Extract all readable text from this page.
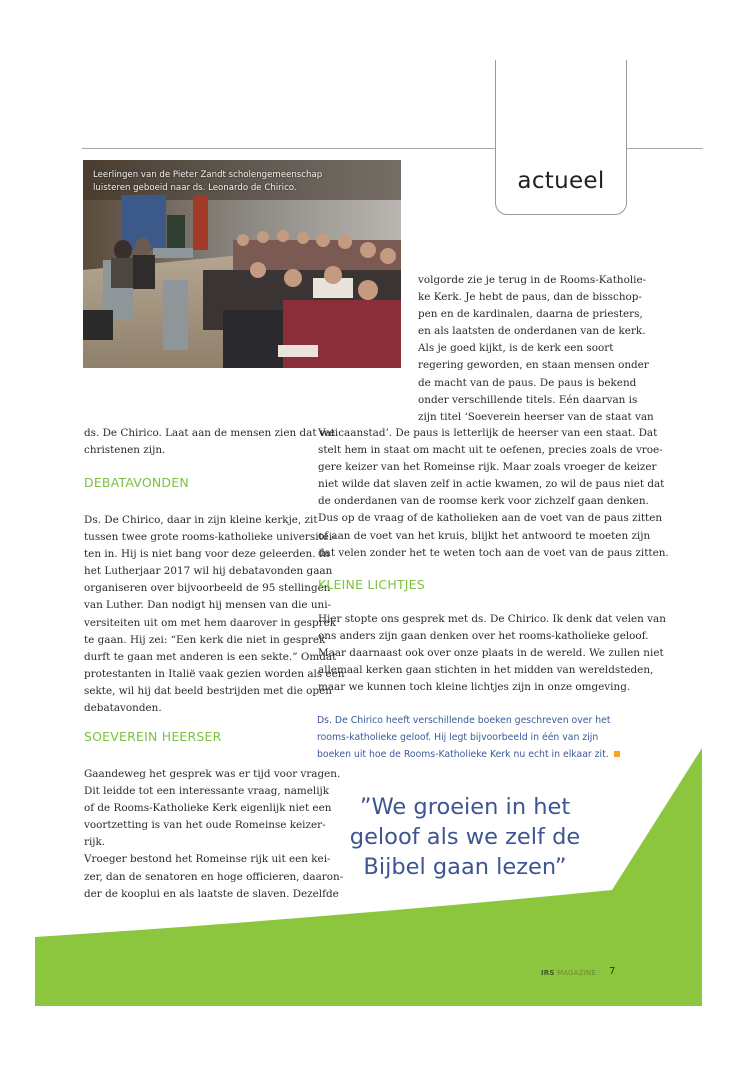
actueel
Leerlingen van de Pieter Zandt scholengemeenschap
luisteren geboeid naar ds. Leonardo de Chirico.
ds. De Chirico. Laat aan de mensen zien dat we
christenen zijn.
DEBATAVONDEN
Ds. De Chirico, daar in zijn kleine kerkje, zit
tussen twee grote rooms-katholieke universitei-
ten in. Hij is niet bang voor deze geleerden. In
het Lutherjaar 2017 wil hij debatavonden gaan
organiseren over bijvoorbeeld de 95 stellingen
van Luther. Dan nodigt hij mensen van die uni-
versiteiten uit om met hem daarover in gesprek
te gaan. Hij zei: “Een kerk die niet in gesprek
durft te gaan met anderen is een sekte.” Omdat
protestanten in Italië vaak gezien worden als een
sekte, wil hij dat beeld bestrijden met die open
debatavonden.
SOEVEREIN HEERSER
Gaandeweg het gesprek was er tijd voor vragen.
Dit leidde tot een interessante vraag, namelijk
of de Rooms-Katholieke Kerk eigenlijk niet een
voortzetting is van het oude Romeinse keizer-
rijk.
Vroeger bestond het Romeinse rijk uit een kei-
zer, dan de senatoren en hoge officieren, daaron-
der de kooplui en als laatste de slaven. Dezelfde
volgorde zie je terug in de Rooms-Katholie-
ke Kerk. Je hebt de paus, dan de bisschop-
pen en de kardinalen, daarna de priesters,
en als laatsten de onderdanen van de kerk.
Als je goed kijkt, is de kerk een soort
regering geworden, en staan mensen onder
de macht van de paus. De paus is bekend
onder verschillende titels. Eén daarvan is
zijn titel ‘Soeverein heerser van de staat van
Vaticaanstad’. De paus is letterlijk de heerser van een staat. Dat
stelt hem in staat om macht uit te oefenen, precies zoals de vroe-
gere keizer van het Romeinse rijk. Maar zoals vroeger de keizer
niet wilde dat slaven zelf in actie kwamen, zo wil de paus niet dat
de onderdanen van de roomse kerk voor zichzelf gaan denken.
Dus op de vraag of de katholieken aan de voet van de paus zitten
of aan de voet van het kruis, blijkt het antwoord te moeten zijn
dat velen zonder het te weten toch aan de voet van de paus zitten.
KLEINE LICHTJES
Hier stopte ons gesprek met ds. De Chirico. Ik denk dat velen van
ons anders zijn gaan denken over het rooms-katholieke geloof.
Maar daarnaast ook over onze plaats in de wereld. We zullen niet
allemaal kerken gaan stichten in het midden van wereldsteden,
maar we kunnen toch kleine lichtjes zijn in onze omgeving.
Ds. De Chirico heeft verschillende boeken geschreven over het
rooms-katholieke geloof. Hij legt bijvoorbeeld in één van zijn
boeken uit hoe de Rooms-Katholieke Kerk nu echt in elkaar zit.
”We groeien in het
geloof als we zelf de
Bijbel gaan lezen”
IRS MAGAZINE 7
